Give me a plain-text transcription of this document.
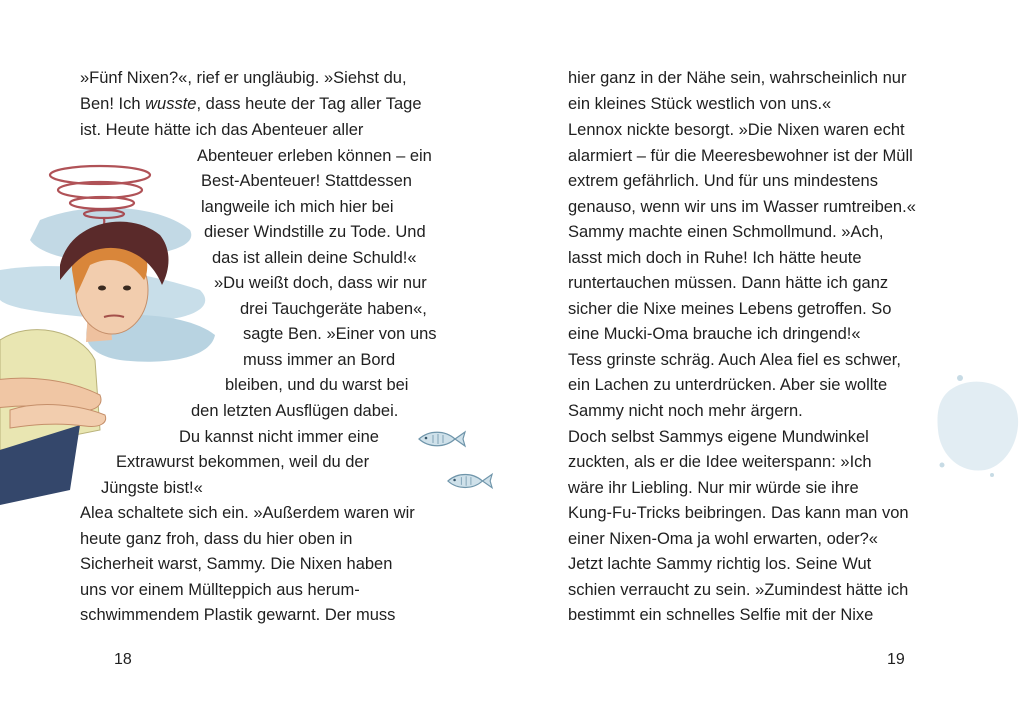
»Fünf Nixen?«, rief er ungläubig. »Siehst du,
Ben! Ich wusste, dass heute der Tag aller Tage
ist. Heute hätte ich das Abenteuer aller
Abenteuer erleben können – ein
Best-Abenteuer! Stattdessen
langweile ich mich hier bei
dieser Windstille zu Tode. Und
das ist allein deine Schuld!«
»Du weißt doch, dass wir nur
drei Tauchgeräte haben«,
sagte Ben. »Einer von uns
muss immer an Bord
bleiben, und du warst bei
den letzten Ausflügen dabei.
Du kannst nicht immer eine
Extrawurst bekommen, weil du der
Jüngste bist!«
Alea schaltete sich ein. »Außerdem waren wir
heute ganz froh, dass du hier oben in
Sicherheit warst, Sammy. Die Nixen haben
uns vor einem Müllteppich aus herum-
schwimmendem Plastik gewarnt. Der muss
18
hier ganz in der Nähe sein, wahrscheinlich nur
ein kleines Stück westlich von uns.«
Lennox nickte besorgt. »Die Nixen waren echt
alarmiert – für die Meeresbewohner ist der Müll
extrem gefährlich. Und für uns mindestens
genauso, wenn wir uns im Wasser rumtreiben.«
Sammy machte einen Schmollmund. »Ach,
lasst mich doch in Ruhe! Ich hätte heute
runtertauchen müssen. Dann hätte ich ganz
sicher die Nixe meines Lebens getroffen. So
eine Mucki-Oma brauche ich dringend!«
Tess grinste schräg. Auch Alea fiel es schwer,
ein Lachen zu unterdrücken. Aber sie wollte
Sammy nicht noch mehr ärgern.
Doch selbst Sammys eigene Mundwinkel
zuckten, als er die Idee weiterspann: »Ich
wäre ihr Liebling. Nur mir würde sie ihre
Kung-Fu-Tricks beibringen. Das kann man von
einer Nixen-Oma ja wohl erwarten, oder?«
Jetzt lachte Sammy richtig los. Seine Wut
schien verraucht zu sein. »Zumindest hätte ich
bestimmt ein schnelles Selfie mit der Nixe
19
